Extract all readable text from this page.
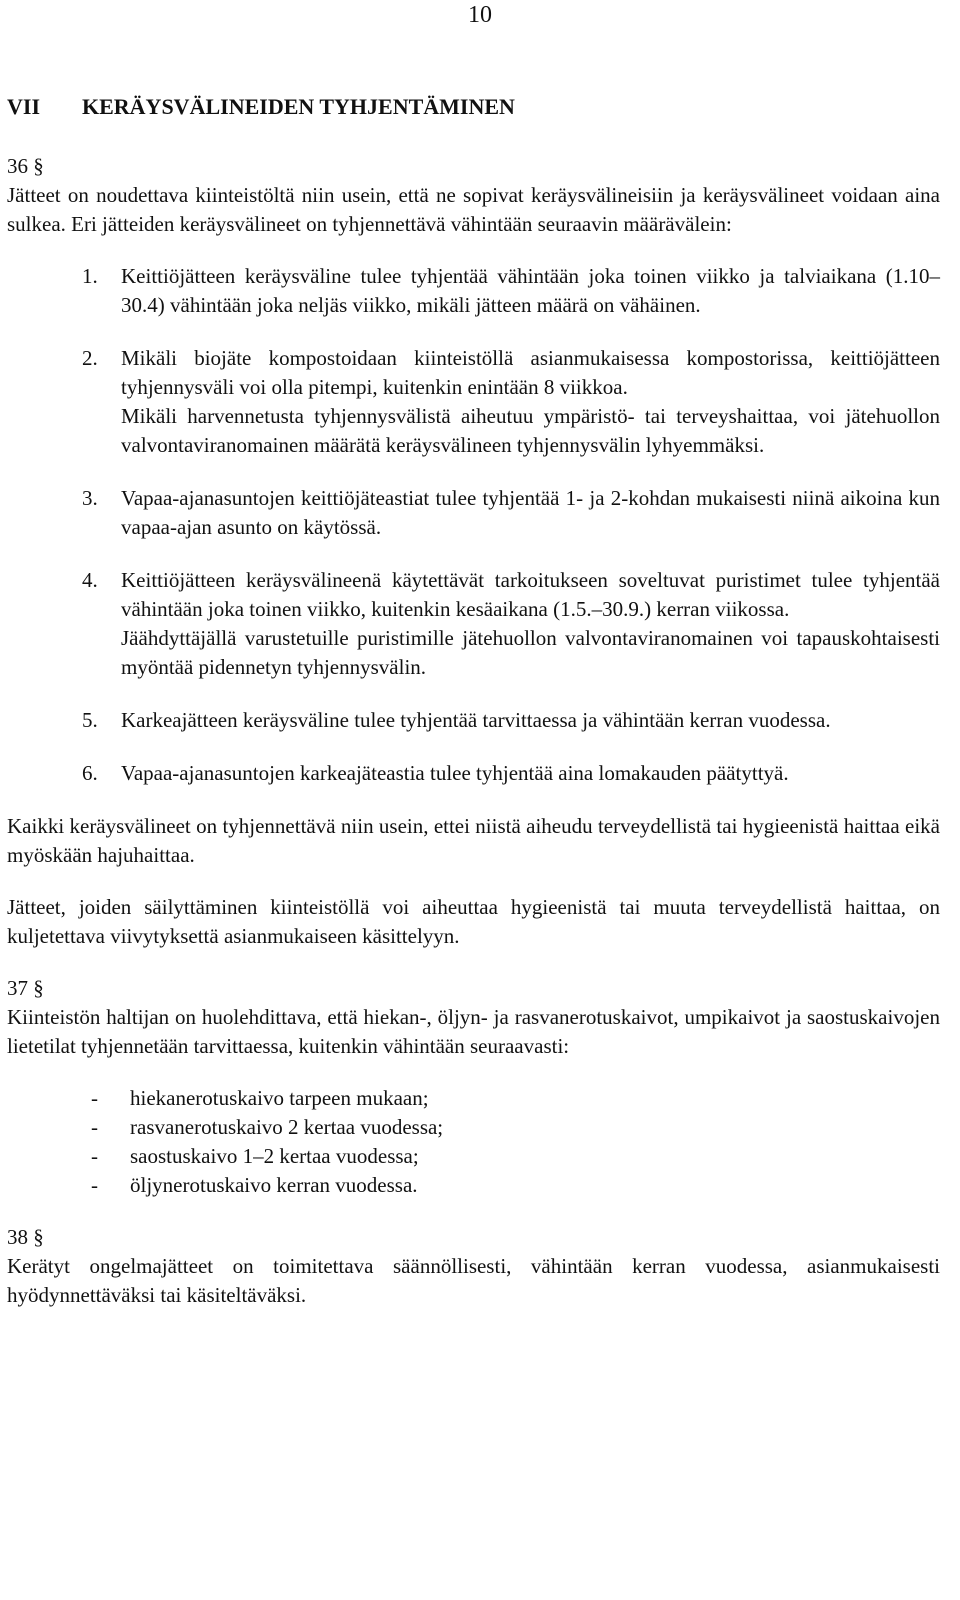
10
VII	KERÄYSVÄLINEIDEN TYHJENTÄMINEN
36 §

Jätteet on noudettava kiinteistöltä niin usein, että ne sopivat keräysvälineisiin ja keräysvälineet voidaan aina sulkea. Eri jätteiden keräysvälineet on tyhjennettävä vähintään seuraavin määrävälein:

1.	Keittiöjätteen keräysväline tulee tyhjentää vähintään joka toinen viikko ja talviaikana (1.10–30.4) vähintään joka neljäs viikko, mikäli jätteen määrä on vähäinen.
2.	Mikäli biojäte kompostoidaan kiinteistöllä asianmukaisessa kompostorissa, keittiöjätteen tyhjennysväli voi olla pitempi, kuitenkin enintään 8 viikkoa.
Mikäli harvennetusta tyhjennysvälistä aiheutuu ympäristö- tai terveyshaittaa, voi jätehuollon valvontaviranomainen määrätä keräysvälineen tyhjennysvälin lyhyemmäksi.
3.	Vapaa-ajanasuntojen keittiöjäteastiat tulee tyhjentää 1- ja 2-kohdan mukaisesti niinä aikoina kun vapaa-ajan asunto on käytössä.
4.	Keittiöjätteen keräysvälineenä käytettävät tarkoitukseen soveltuvat puristimet tulee tyhjentää vähintään joka toinen viikko, kuitenkin kesäaikana (1.5.–30.9.) kerran viikossa.
Jäähdyttäjällä varustetuille puristimille jätehuollon valvontaviranomainen voi tapauskohtaisesti myöntää pidennetyn tyhjennysvälin.
5.	Karkeajätteen keräysväline tulee tyhjentää tarvittaessa ja vähintään kerran vuodessa.
6.	Vapaa-ajanasuntojen karkeajäteastia tulee tyhjentää aina lomakauden päätyttyä.

Kaikki keräysvälineet on tyhjennettävä niin usein, ettei niistä aiheudu terveydellistä tai hygieenistä haittaa eikä myöskään hajuhaittaa.

Jätteet, joiden säilyttäminen kiinteistöllä voi aiheuttaa hygieenistä tai muuta terveydellistä haittaa, on kuljetettava viivytyksettä asianmukaiseen käsittelyyn.

37 §

Kiinteistön haltijan on huolehdittava, että hiekan-, öljyn- ja rasvanerotuskaivot, umpikaivot ja saostuskaivojen lietetilat tyhjennetään tarvittaessa, kuitenkin vähintään seuraavasti:

-	hiekanerotuskaivo tarpeen mukaan;
-	rasvanerotuskaivo 2 kertaa vuodessa;
-	saostuskaivo 1–2 kertaa vuodessa;
-	öljynerotuskaivo kerran vuodessa.
38 §

Kerätyt ongelmajätteet on toimitettava säännöllisesti, vähintään kerran vuodessa, asianmukaisesti hyödynnettäväksi tai käsiteltäväksi.
